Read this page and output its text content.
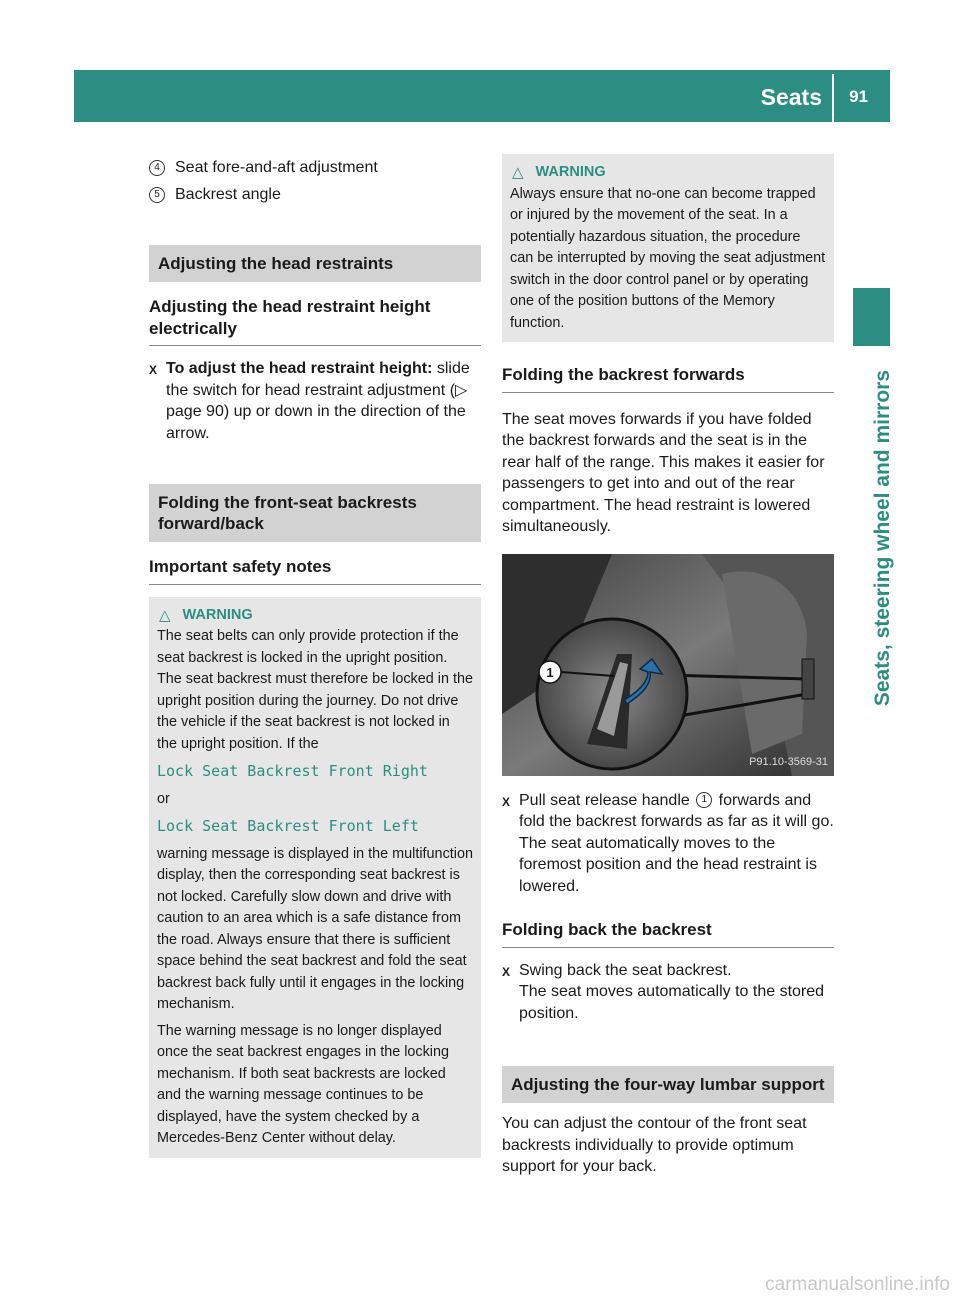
Seats 91
Seats, steering wheel and mirrors
4 Seat fore-and-aft adjustment
5 Backrest angle
Adjusting the head restraints
Adjusting the head restraint height electrically
X To adjust the head restraint height: slide the switch for head restraint adjustment (▷ page 90) up or down in the direction of the arrow.
Folding the front-seat backrests forward/back
Important safety notes
△ WARNING
The seat belts can only provide protection if the seat backrest is locked in the upright position. The seat backrest must therefore be locked in the upright position during the journey. Do not drive the vehicle if the seat backrest is not locked in the upright position. If the
Lock Seat Backrest Front Right
or
Lock Seat Backrest Front Left
warning message is displayed in the multifunction display, then the corresponding seat backrest is not locked. Carefully slow down and drive with caution to an area which is a safe distance from the road. Always ensure that there is sufficient space behind the seat backrest and fold the seat backrest back fully until it engages in the locking mechanism.
The warning message is no longer displayed once the seat backrest engages in the locking mechanism. If both seat backrests are locked and the warning message continues to be displayed, have the system checked by a Mercedes-Benz Center without delay.
△ WARNING
Always ensure that no-one can become trapped or injured by the movement of the seat. In a potentially hazardous situation, the procedure can be interrupted by moving the seat adjustment switch in the door control panel or by operating one of the position buttons of the Memory function.
Folding the backrest forwards
The seat moves forwards if you have folded the backrest forwards and the seat is in the rear half of the range. This makes it easier for passengers to get into and out of the rear compartment. The head restraint is lowered simultaneously.
1
P91.10-3569-31
X Pull seat release handle 1 forwards and fold the backrest forwards as far as it will go.
The seat automatically moves to the foremost position and the head restraint is lowered.
Folding back the backrest
X Swing back the seat backrest.
The seat moves automatically to the stored position.
Adjusting the four-way lumbar support
You can adjust the contour of the front seat backrests individually to provide optimum support for your back.
carmanualsonline.info
